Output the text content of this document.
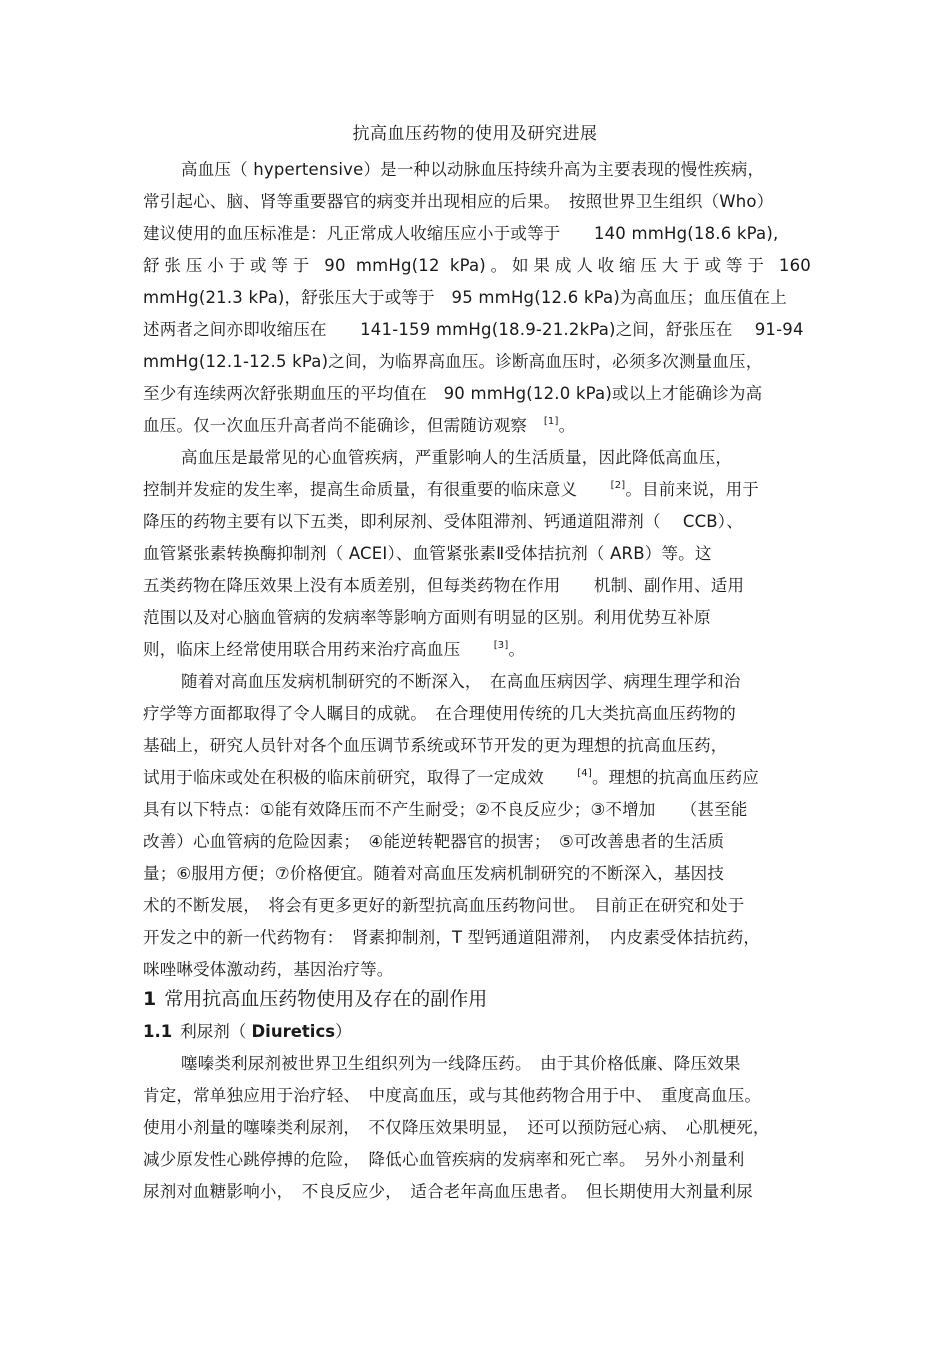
抗高血压药物的使用及研究进展
高血压（ hypertensive）是一种以动脉血压持续升高为主要表现的慢性疾病，
常引起心、脑、肾等重要器官的病变并出现相应的后果。　按照世界卫生组织（Who）
建议使用的血压标准是：凡正常成人收缩压应小于或等于　　140 mmHg(18.6 kPa),
舒张压小于或等于 90 mmHg(12 kPa)。如果成人收缩压大于或等于 160
mmHg(21.3 kPa)，舒张压大于或等于　95 mmHg(12.6 kPa)为高血压；血压值在上
述两者之间亦即收缩压在　　141-159 mmHg(18.9-21.2kPa)之间，舒张压在　 91-94
mmHg(12.1-12.5 kPa)之间，为临界高血压。诊断高血压时，必须多次测量血压，
至少有连续两次舒张期血压的平均值在　90 mmHg(12.0 kPa)或以上才能确诊为高
血压。仅一次血压升高者尚不能确诊，但需随访观察　[1]。
高血压是最常见的心血管疾病，严重影响人的生活质量，因此降低高血压，
控制并发症的发生率，提高生命质量，有很重要的临床意义　　[2]。目前来说，用于
降压的药物主要有以下五类，即利尿剂、受体阻滞剂、钙通道阻滞剂（　 CCB）、
血管紧张素转换酶抑制剂（ ACEI）、血管紧张素Ⅱ受体拮抗剂（ ARB）等。这
五类药物在降压效果上没有本质差别，但每类药物在作用　　机制、副作用、适用
范围以及对心脑血管病的发病率等影响方面则有明显的区别。利用优势互补原
则，临床上经常使用联合用药来治疗高血压　　[3]。
随着对高血压发病机制研究的不断深入，　在高血压病因学、病理生理学和治
疗学等方面都取得了令人瞩目的成就。　在合理使用传统的几大类抗高血压药物的
基础上，研究人员针对各个血压调节系统或环节开发的更为理想的抗高血压药，
试用于临床或处在积极的临床前研究，取得了一定成效　　[4]。理想的抗高血压药应
具有以下特点：①能有效降压而不产生耐受；②不良反应少；③不增加　　（甚至能
改善）心血管病的危险因素；　④能逆转靶器官的损害；　⑤可改善患者的生活质
量；⑥服用方便；⑦价格便宜。随着对高血压发病机制研究的不断深入，基因技
术的不断发展，　将会有更多更好的新型抗高血压药物问世。　目前正在研究和处于
开发之中的新一代药物有：　肾素抑制剂，T 型钙通道阻滞剂，　内皮素受体拮抗药，
咪唑啉受体激动药，基因治疗等。
1 常用抗高血压药物使用及存在的副作用
1.1 利尿剂（ Diuretics）
噻嗪类利尿剂被世界卫生组织列为一线降压药。　由于其价格低廉、降压效果
肯定，常单独应用于治疗轻、　中度高血压，或与其他药物合用于中、　重度高血压。
使用小剂量的噻嗪类利尿剂，　不仅降压效果明显，　还可以预防冠心病、　心肌梗死，
减少原发性心跳停搏的危险，　降低心血管疾病的发病率和死亡率。　另外小剂量利
尿剂对血糖影响小，　不良反应少，　适合老年高血压患者。　但长期使用大剂量利尿
